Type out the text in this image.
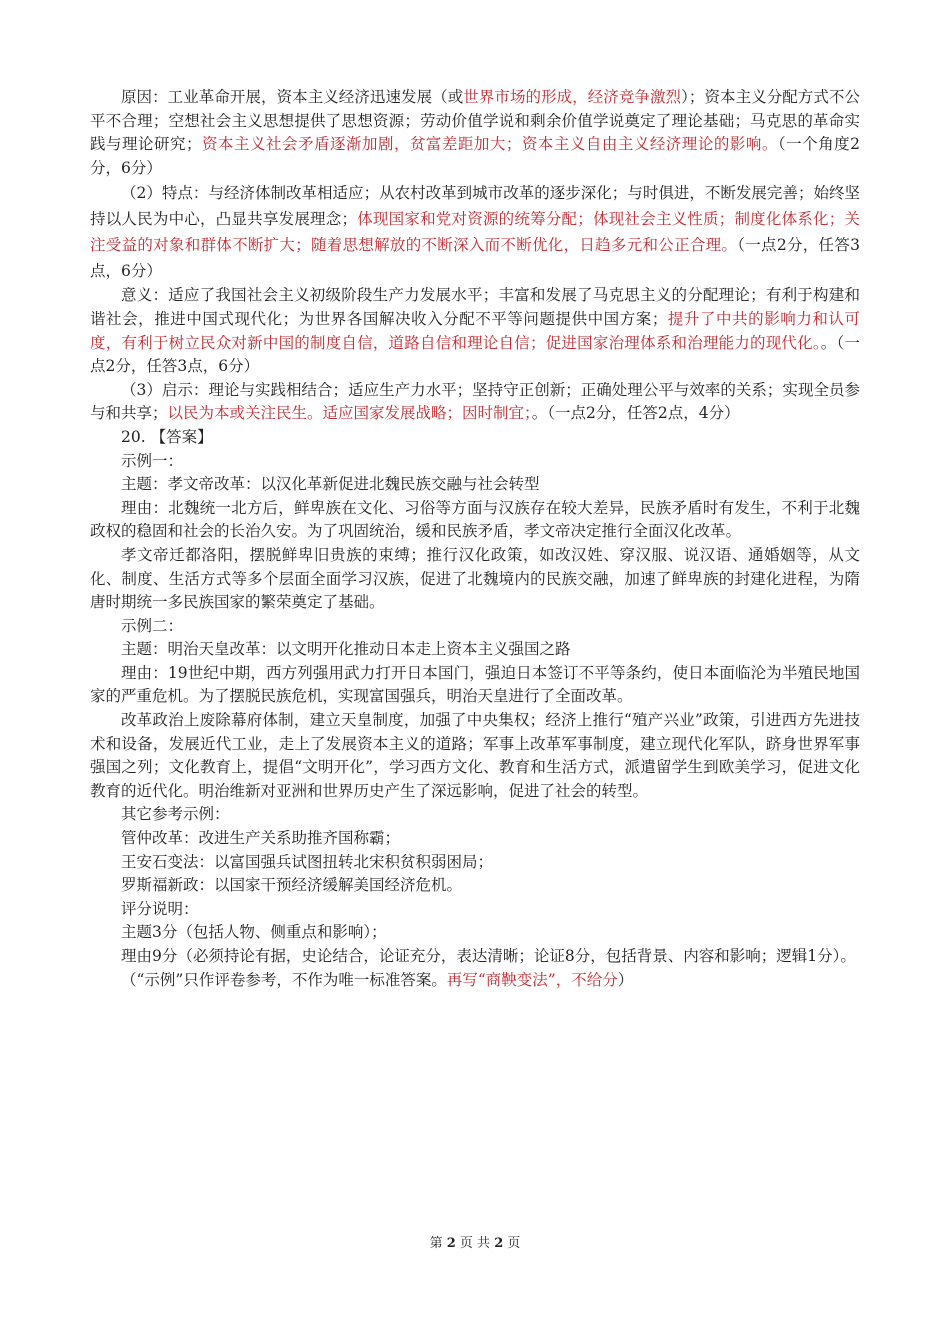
原因：工业革命开展，资本主义经济迅速发展（或世界市场的形成，经济竞争激烈）；资本主义分配方式不公平不合理；空想社会主义思想提供了思想资源；劳动价值学说和剩余价值学说奠定了理论基础；马克思的革命实践与理论研究；资本主义社会矛盾逐渐加剧，贫富差距加大；资本主义自由主义经济理论的影响。（一个角度2分，6分）

（2）特点：与经济体制改革相适应；从农村改革到城市改革的逐步深化；与时俱进，不断发展完善；始终坚持以人民为中心，凸显共享发展理念；体现国家和党对资源的统筹分配；体现社会主义性质；制度化体系化；关注受益的对象和群体不断扩大；随着思想解放的不断深入而不断优化，日趋多元和公正合理。（一点2分，任答3点，6分）

意义：适应了我国社会主义初级阶段生产力发展水平；丰富和发展了马克思主义的分配理论；有利于构建和谐社会，推进中国式现代化；为世界各国解决收入分配不平等问题提供中国方案；提升了中共的影响力和认可度，有利于树立民众对新中国的制度自信，道路自信和理论自信；促进国家治理体系和治理能力的现代化。。（一点2分，任答3点，6分）

（3）启示：理论与实践相结合；适应生产力水平；坚持守正创新；正确处理公平与效率的关系；实现全员参与和共享；以民为本或关注民生。适应国家发展战略；因时制宜；。（一点2分，任答2点，4分）

20. 【答案】

示例一：

主题：孝文帝改革：以汉化革新促进北魏民族交融与社会转型

理由：北魏统一北方后，鲜卑族在文化、习俗等方面与汉族存在较大差异，民族矛盾时有发生，不利于北魏政权的稳固和社会的长治久安。为了巩固统治，缓和民族矛盾，孝文帝决定推行全面汉化改革。

孝文帝迁都洛阳，摆脱鲜卑旧贵族的束缚；推行汉化政策，如改汉姓、穿汉服、说汉语、通婚姻等，从文化、制度、生活方式等多个层面全面学习汉族，促进了北魏境内的民族交融，加速了鲜卑族的封建化进程，为隋唐时期统一多民族国家的繁荣奠定了基础。

示例二：

主题：明治天皇改革：以文明开化推动日本走上资本主义强国之路

理由：19世纪中期，西方列强用武力打开日本国门，强迫日本签订不平等条约，使日本面临沦为半殖民地国家的严重危机。为了摆脱民族危机，实现富国强兵，明治天皇进行了全面改革。

改革政治上废除幕府体制，建立天皇制度，加强了中央集权；经济上推行“殖产兴业”政策，引进西方先进技术和设备，发展近代工业，走上了发展资本主义的道路；军事上改革军事制度，建立现代化军队，跻身世界军事强国之列；文化教育上，提倡“文明开化”，学习西方文化、教育和生活方式，派遣留学生到欧美学习，促进文化教育的近代化。明治维新对亚洲和世界历史产生了深远影响，促进了社会的转型。

其它参考示例：

管仲改革：改进生产关系助推齐国称霸；

王安石变法：以富国强兵试图扭转北宋积贫积弱困局；

罗斯福新政：以国家干预经济缓解美国经济危机。

评分说明：

主题3分（包括人物、侧重点和影响）；

理由9分（必须持论有据，史论结合，论证充分，表达清晰；论证8分，包括背景、内容和影响；逻辑1分）。

（“示例”只作评卷参考，不作为唯一标准答案。再写“商鞅变法”，不给分）

第 2 页 共 2 页
